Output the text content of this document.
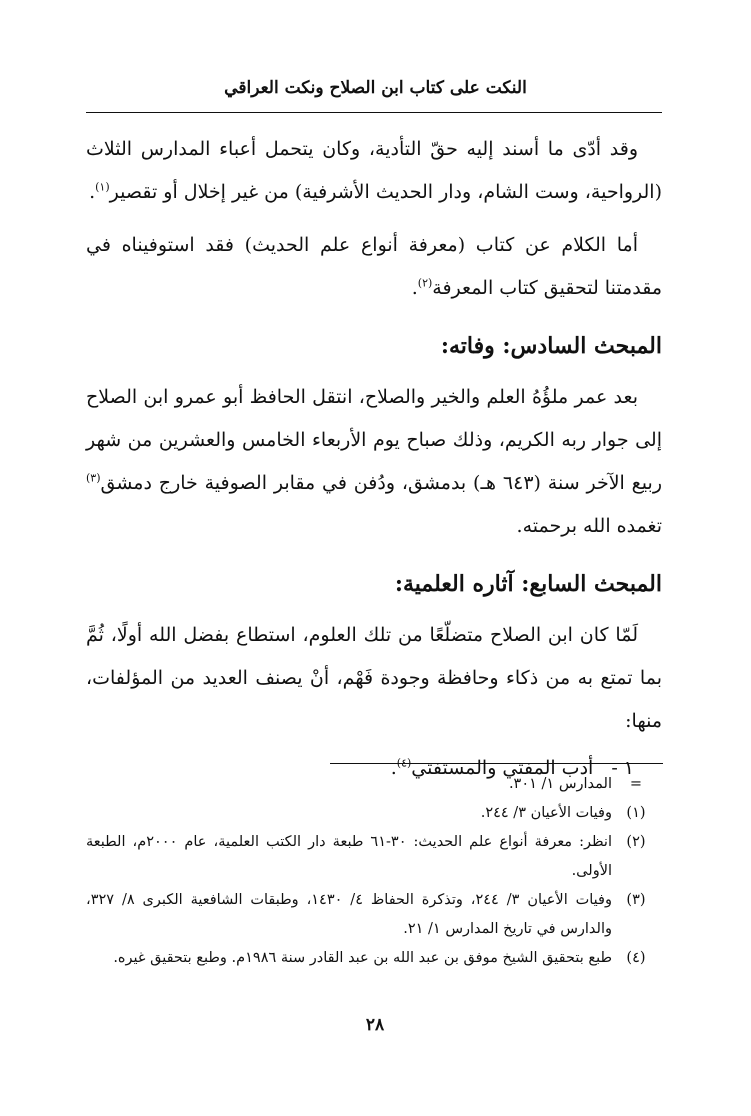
النكت على كتاب ابن الصلاح ونكت العراقي

وقد أدّى ما أسند إليه حقّ التأدية، وكان يتحمل أعباء المدارس الثلاث (الرواحية، وست الشام، ودار الحديث الأشرفية) من غير إخلال أو تقصير$^{(١)}$.

أما الكلام عن كتاب (معرفة أنواع علم الحديث) فقد استوفيناه في مقدمتنا لتحقيق كتاب المعرفة$^{(٢)}$.

المبحث السادس: وفاته:

بعد عمر ملؤُهُ العلم والخير والصلاح، انتقل الحافظ أبو عمرو ابن الصلاح إلى جوار ربه الكريم، وذلك صباح يوم الأربعاء الخامس والعشرين من شهر ربيع الآخر سنة (٦٤٣ هـ) بدمشق، ودُفن في مقابر الصوفية خارج دمشق$^{(٣)}$ تغمده الله برحمته.

المبحث السابع: آثاره العلمية:

لَمّا كان ابن الصلاح متضلّعًا من تلك العلوم، استطاع بفضل الله أولًا، ثُمَّ بما تمتع به من ذكاء وحافظة وجودة فَهْم، أنْ يصنف العديد من المؤلفات، منها:

١ -أدب المفتي والمستفتي$^{(٤)}$.

=
المدارس ١/ ٣٠١.

(١)
وفيات الأعيان ٣/ ٢٤٤.

(٢)
انظر: معرفة أنواع علم الحديث: ٣٠-٦١ طبعة دار الكتب العلمية، عام ٢٠٠٠م، الطبعة الأولى.

(٣)
وفيات الأعيان ٣/ ٢٤٤، وتذكرة الحفاظ ٤/ ١٤٣٠، وطبقات الشافعية الكبرى ٨/ ٣٢٧، والدارس في تاريخ المدارس ١/ ٢١.

(٤)
طبع بتحقيق الشيخ موفق بن عبد الله بن عبد القادر سنة ١٩٨٦م. وطبع بتحقيق غيره.

٢٨
